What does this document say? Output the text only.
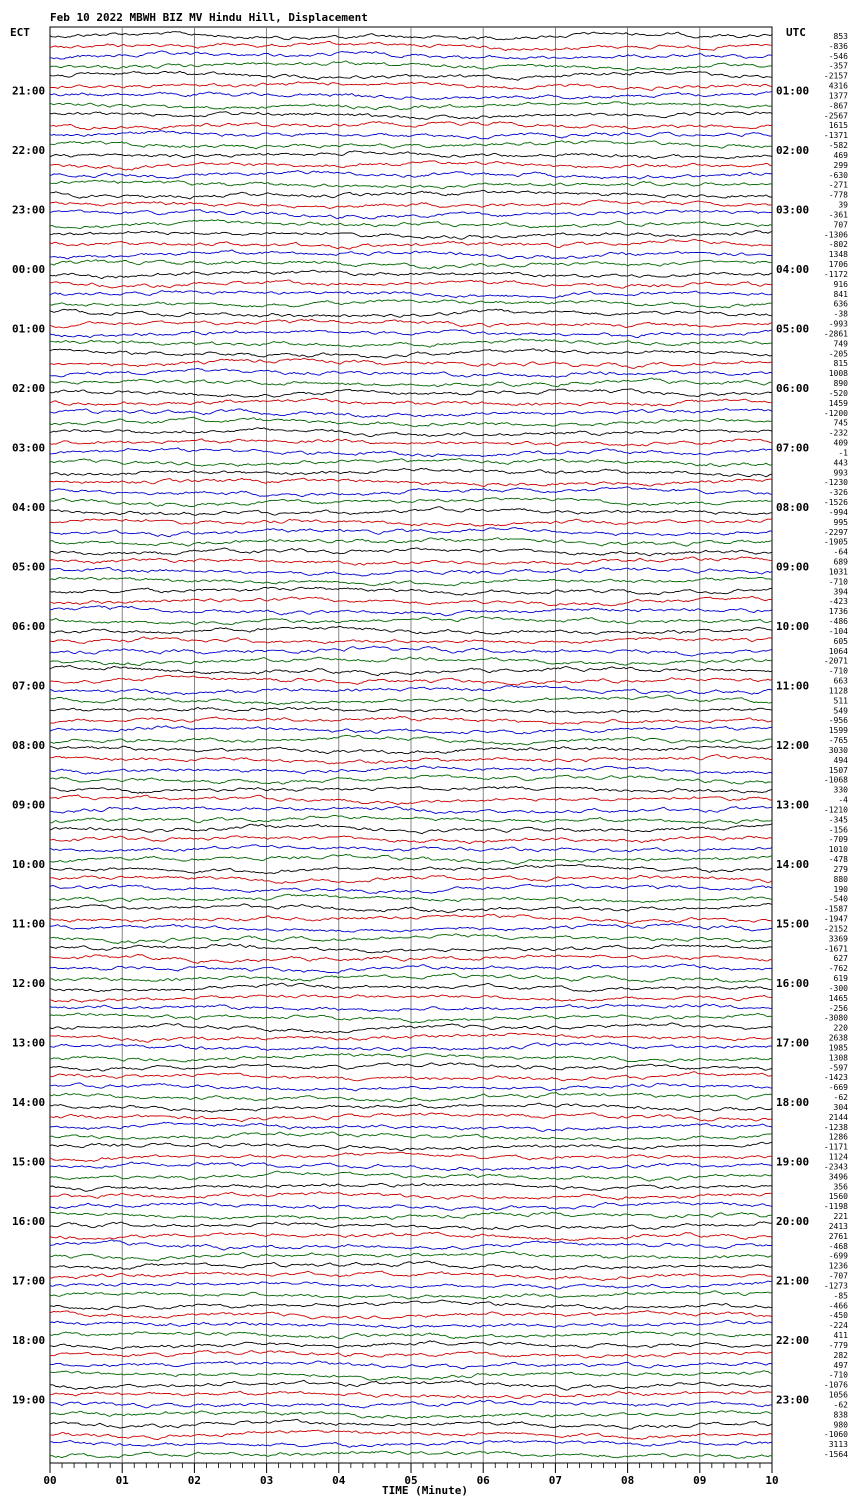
Feb 10 2022 MBWH BIZ MV Hindu Hill, Displacement
ECT	UTC
21:00
22:00
23:00
00:00
01:00
02:00
03:00
04:00
05:00
06:00
07:00
08:00
09:00
10:00
11:00
12:00
13:00
14:00
15:00
16:00
17:00
18:00
19:00
01:00
02:00
03:00
04:00
05:00
06:00
07:00
08:00
09:00
10:00
11:00
12:00
13:00
14:00
15:00
16:00
17:00
18:00
19:00
20:00
21:00
22:00
23:00
853
-836
-546
-357
-2157
4316
1377
-867
-2567
1615
-1371
-582
469
299
-630
-271
-778
39
-361
707
-1306
-802
1348
1706
-1172
916
841
636
-38
-993
-2861
749
-205
815
1008
890
-520
1459
-1200
745
-232
409
-1
443
993
-1230
-326
-1526
-994
995
-2297
-1905
-64
689
1031
-710
394
-423
1736
-486
-104
605
1064
-2071
-710
663
1128
511
549
-956
1599
-765
3030
494
1507
-1068
330
-4
-1210
-345
-156
-709
1010
-478
279
880
190
-540
-1587
-1947
-2152
3369
-1671
627
-762
619
-300
1465
-256
-3080
220
2638
1985
1308
-597
-1423
-669
-62
304
2144
-1238
1286
-1171
1124
-2343
3496
356
1560
-1198
221
2413
2761
-468
-699
1236
-707
-1273
-85
-466
-450
-224
411
-779
282
497
-710
-1076
1056
-62
838
980
-1060
3113
-1564
00	01	02	03	04	05	06	07	08	09	10
TIME (Minute)
